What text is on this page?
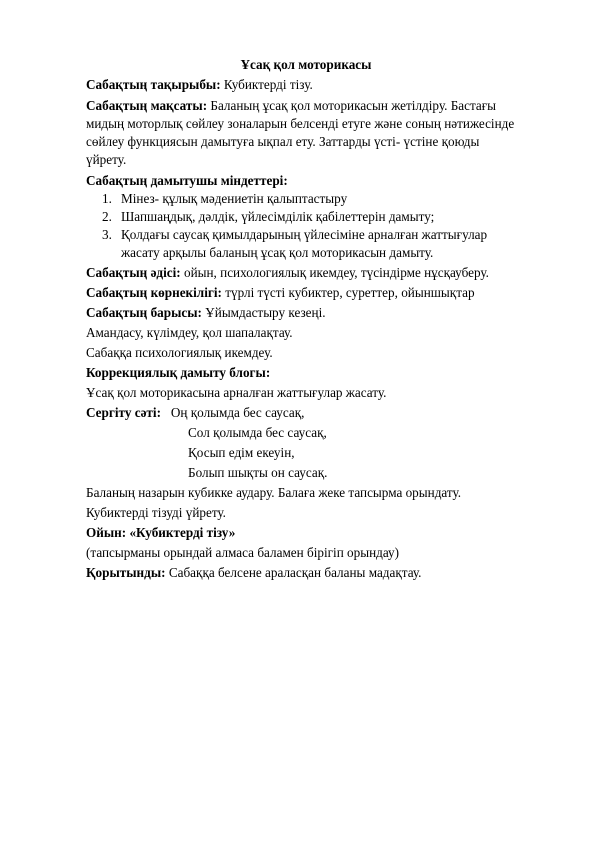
Ұсақ қол моторикасы
Сабақтың тақырыбы: Кубиктерді тізу.
Сабақтың мақсаты: Баланың ұсақ қол моторикасын жетілдіру. Бастағы
мидың моторлық сөйлеу зоналарын белсенді етуге және соның нәтижесінде
сөйлеу функциясын дамытуға ықпал ету. Заттарды үсті- үстіне қоюды
үйрету.
Сабақтың дамытушы міндеттері:
1. Мінез- құлық мәдениетін қалыптастыру
2. Шапшаңдық, дәлдік, үйлесімділік қабілеттерін дамыту;
3. Қолдағы саусақ қимылдарының үйлесіміне арналған жаттығулар
жасату арқылы баланың ұсақ қол моторикасын дамыту.
Сабақтың әдісі: ойын, психологиялық икемдеу, түсіндірме нұсқауберу.
Сабақтың көрнекілігі: түрлі түсті кубиктер, суреттер, ойыншықтар
Сабақтың барысы: Ұйымдастыру кезеңі.
Амандасу, күлімдеу, қол шапалақтау.
Сабаққа психологиялық икемдеу.
Коррекциялық дамыту блогы:
Ұсақ қол моторикасына арналған жаттығулар жасату.
Сергіту сәті: Оң қолымда бес саусақ,
Сол қолымда бес саусақ,
Қосып едім екеуін,
Болып шықты он саусақ.
Баланың назарын кубикке аудару. Балаға жеке тапсырма орындату.
Кубиктерді тізуді үйрету.
Ойын: «Кубиктерді тізу»
(тапсырманы орындай алмаса баламен бірігіп орындау)
Қорытынды: Сабаққа белсене араласқан баланы мадақтау.
